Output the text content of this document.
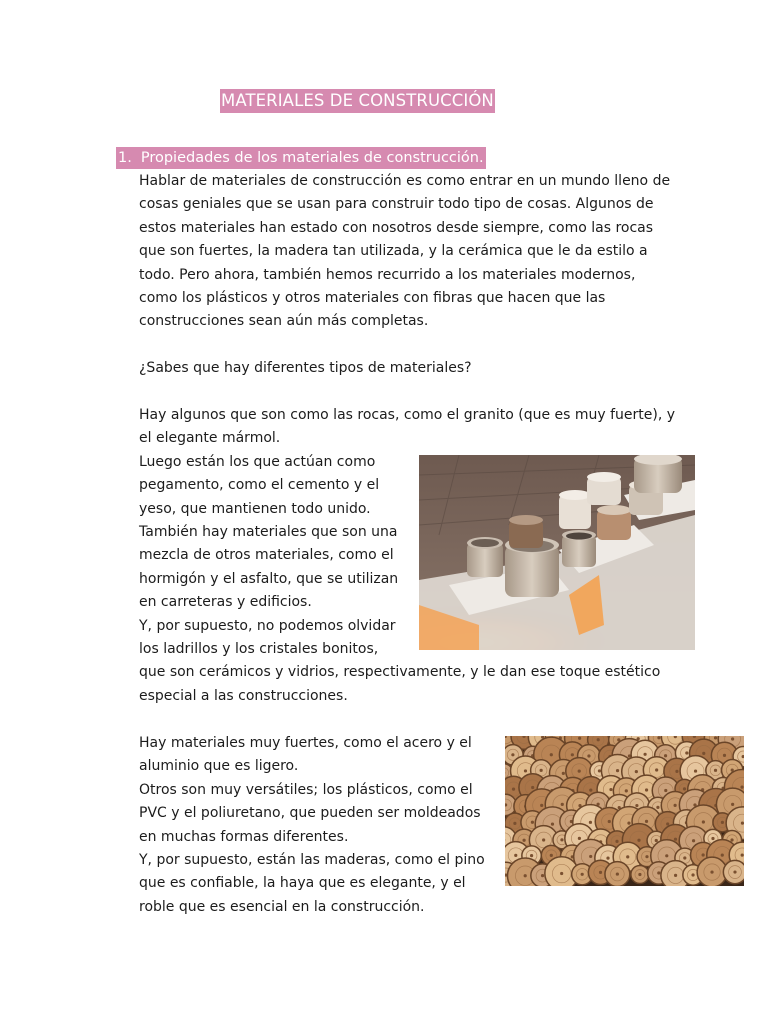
MATERIALES DE CONSTRUCCIÓN
1. Propiedades de los materiales de construcción.
Hablar de materiales de construcción es como entrar en un mundo lleno de
cosas geniales que se usan para construir todo tipo de cosas. Algunos de
estos materiales han estado con nosotros desde siempre, como las rocas
que son fuertes, la madera tan utilizada, y la cerámica que le da estilo a
todo. Pero ahora, también hemos recurrido a los materiales modernos,
como los plásticos y otros materiales con fibras que hacen que las
construcciones sean aún más completas.
¿Sabes que hay diferentes tipos de materiales?
Hay algunos que son como las rocas, como el granito (que es muy fuerte), y
el elegante mármol.
Luego están los que actúan como
pegamento, como el cemento y el
yeso, que mantienen todo unido.
También hay materiales que son una
mezcla de otros materiales, como el
hormigón y el asfalto, que se utilizan
en carreteras y edificios.
Y, por supuesto, no podemos olvidar
los ladrillos y los cristales bonitos,
que son cerámicos y vidrios, respectivamente, y le dan ese toque estético
especial a las construcciones.
Hay materiales muy fuertes, como el acero y el
aluminio que es ligero.
Otros son muy versátiles; los plásticos, como el
PVC y el poliuretano, que pueden ser moldeados
en muchas formas diferentes.
Y, por supuesto, están las maderas, como el pino
que es confiable, la haya que es elegante, y el
roble que es esencial en la construcción.
